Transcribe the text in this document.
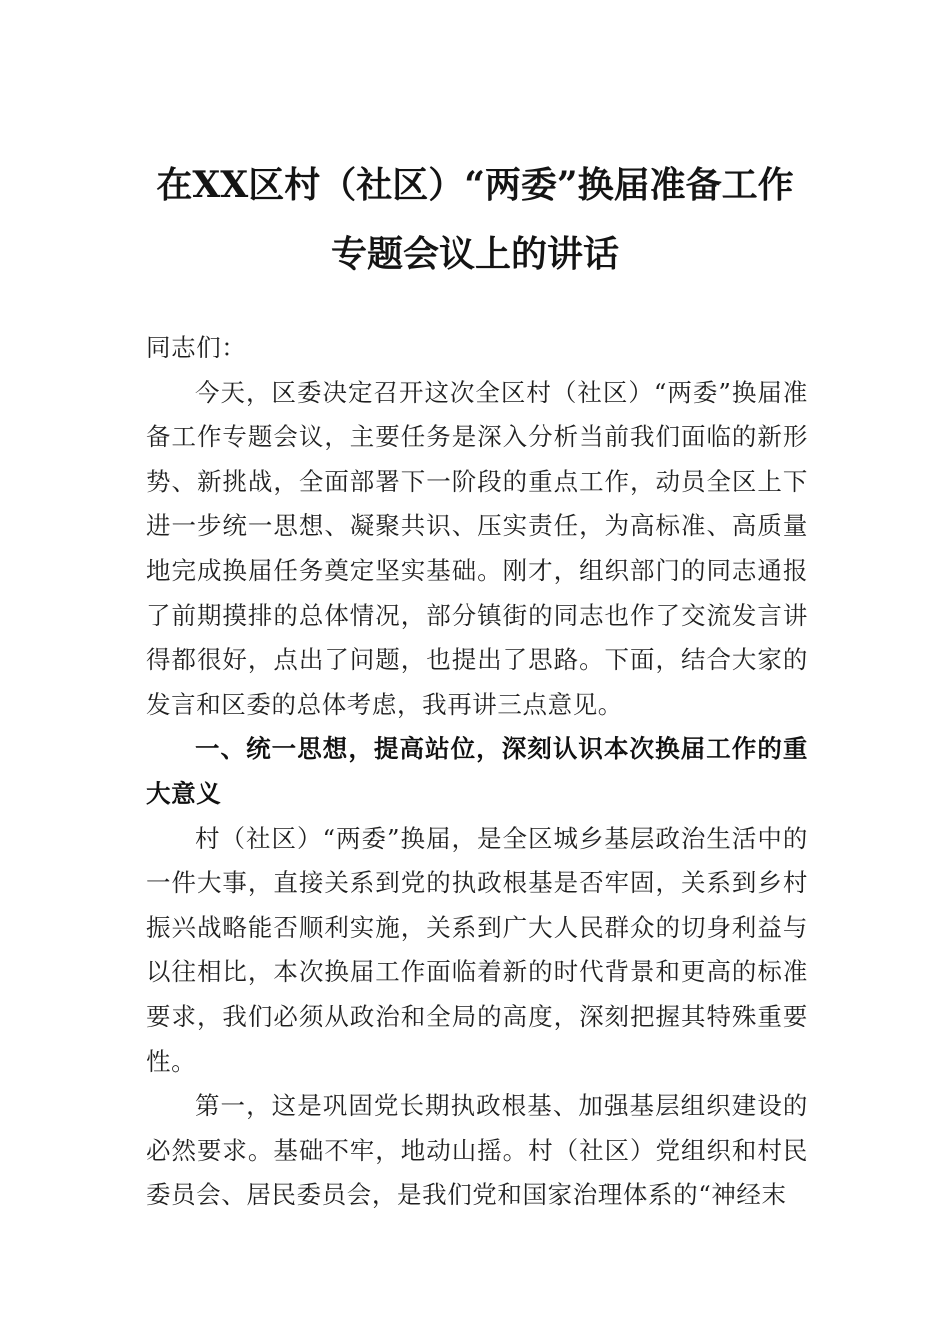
在XX区村（社区）“两委”换届准备工作
专题会议上的讲话

同志们：

今天，区委决定召开这次全区村（社区）“两委”换届准备工作专题会议，主要任务是深入分析当前我们面临的新形势、新挑战，全面部署下一阶段的重点工作，动员全区上下进一步统一思想、凝聚共识、压实责任，为高标准、高质量地完成换届任务奠定坚实基础。刚才，组织部门的同志通报了前期摸排的总体情况，部分镇街的同志也作了交流发言讲得都很好，点出了问题，也提出了思路。下面，结合大家的发言和区委的总体考虑，我再讲三点意见。

一、统一思想，提高站位，深刻认识本次换届工作的重大意义

村（社区）“两委”换届，是全区城乡基层政治生活中的一件大事，直接关系到党的执政根基是否牢固，关系到乡村振兴战略能否顺利实施，关系到广大人民群众的切身利益与以往相比，本次换届工作面临着新的时代背景和更高的标准要求，我们必须从政治和全局的高度，深刻把握其特殊重要性。

第一，这是巩固党长期执政根基、加强基层组织建设的必然要求。基础不牢，地动山摇。村（社区）党组织和村民委员会、居民委员会，是我们党和国家治理体系的“神经末
